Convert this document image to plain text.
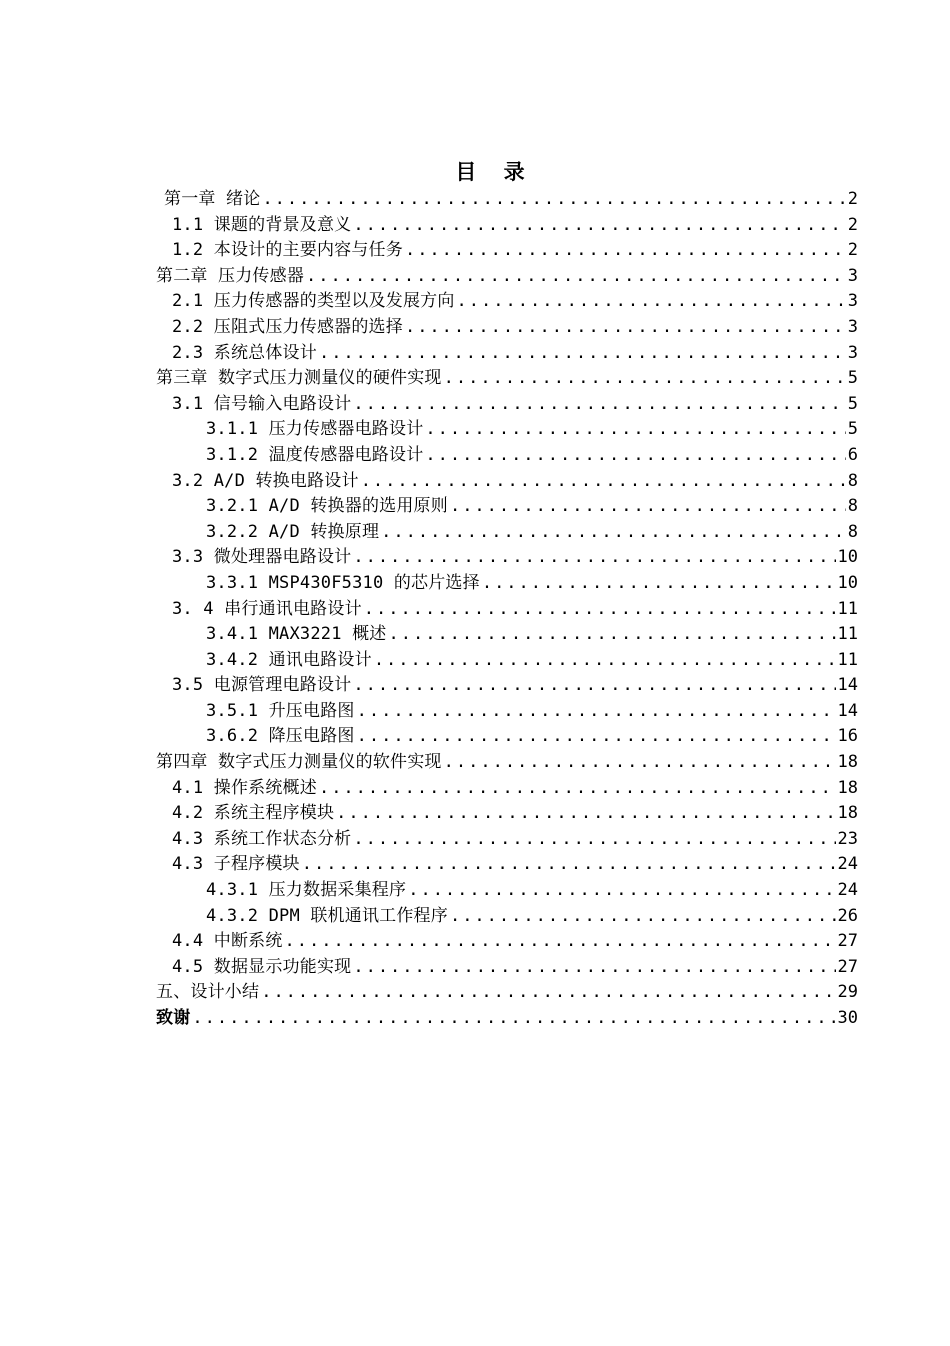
目 录
第一章 绪论 .....	2
1.1 课题的背景及意义 .....	2
1.2 本设计的主要内容与任务 .....	2
第二章 压力传感器 .....	3
2.1 压力传感器的类型以及发展方向 .....	3
2.2 压阻式压力传感器的选择 .....	3
2.3 系统总体设计 .....	3
第三章 数字式压力测量仪的硬件实现 .....	5
3.1 信号输入电路设计 .....	5
3.1.1 压力传感器电路设计 .....	5
3.1.2 温度传感器电路设计 .....	6
3.2 A/D 转换电路设计 .....	8
3.2.1 A/D 转换器的选用原则 .....	8
3.2.2 A/D 转换原理 .....	8
3.3 微处理器电路设计 .....	10
3.3.1 MSP430F5310 的芯片选择 .....	10
3. 4 串行通讯电路设计 .....	11
3.4.1 MAX3221 概述 .....	11
3.4.2 通讯电路设计 .....	11
3.5 电源管理电路设计 .....	14
3.5.1 升压电路图 .....	14
3.6.2 降压电路图 .....	16
第四章 数字式压力测量仪的软件实现 .....	18
4.1 操作系统概述 .....	18
4.2 系统主程序模块 .....	18
4.3 系统工作状态分析 .....	23
4.3 子程序模块 .....	24
4.3.1 压力数据采集程序 .....	24
4.3.2 DPM 联机通讯工作程序 .....	26
4.4 中断系统 .....	27
4.5 数据显示功能实现 .....	27
五、设计小结 .....	29
致谢 .....	30
